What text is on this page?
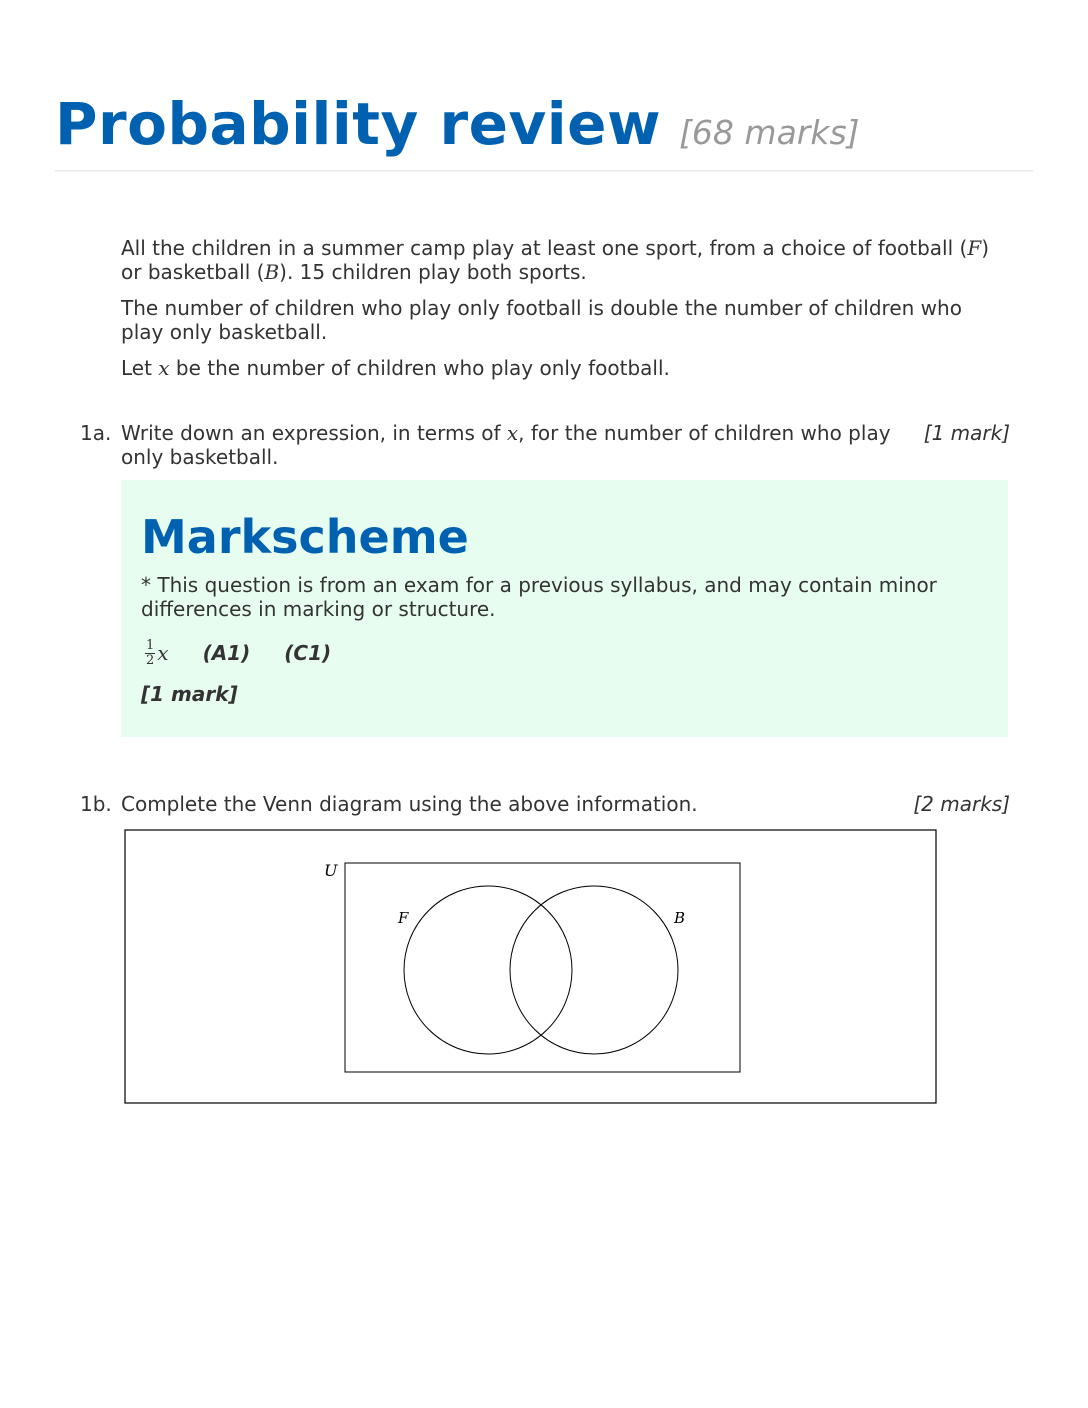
Probability review [68 marks]
All the children in a summer camp play at least one sport, from a choice of football (F) or basketball (B). 15 children play both sports.
The number of children who play only football is double the number of children who play only basketball.
Let x be the number of children who play only football.
1a. Write down an expression, in terms of x, for the number of children who play only basketball.
[1 mark]
Markscheme
* This question is from an exam for a previous syllabus, and may contain minor differences in marking or structure.
$\frac{1}{2}$ x (A1) (C1)
[1 mark]
1b. Complete the Venn diagram using the above information.	[2 marks]
U
F	B
